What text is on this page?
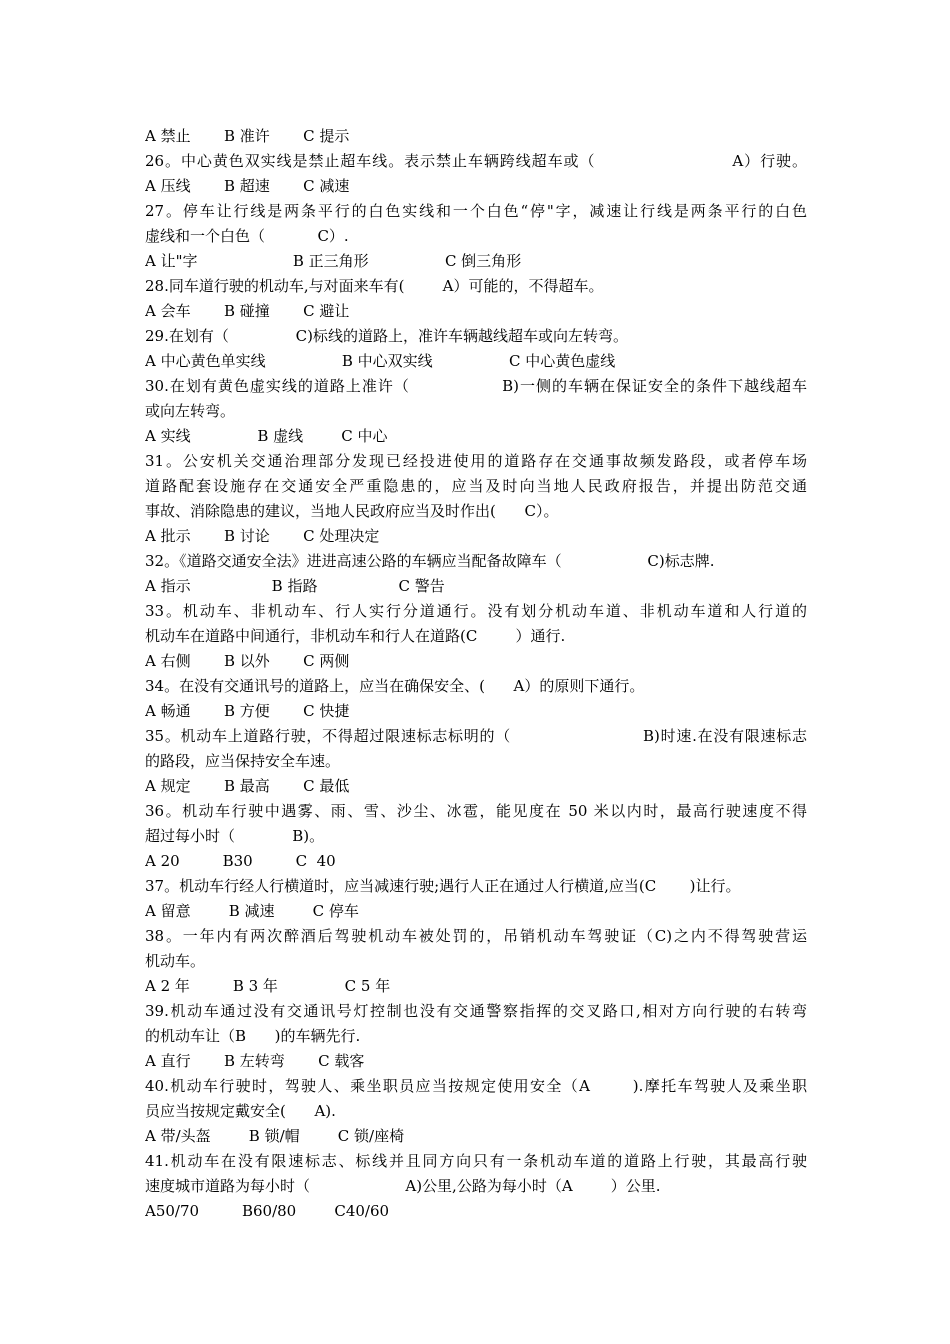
A 禁止       B 准许       C 提示
26。中心黄色双实线是禁止超车线。表示禁止车辆跨线超车或（                        A）行驶。
A 压线       B 超速       C 减速
27。停车让行线是两条平行的白色实线和一个白色“停"字，减速让行线是两条平行的白色
虚线和一个白色（           C）.
A 让"字                    B 正三角形                C 倒三角形
28.同车道行驶的机动车,与对面来车有(        A）可能的，不得超车。
A 会车       B 碰撞       C 避让
29.在划有（              C)标线的道路上，准许车辆越线超车或向左转弯。
A 中心黄色单实线                B 中心双实线                C 中心黄色虚线
30.在划有黄色虚实线的道路上准许（                B)一侧的车辆在保证安全的条件下越线超车
或向左转弯。
A 实线              B 虚线        C 中心
31。公安机关交通治理部分发现已经投进使用的道路存在交通事故频发路段，或者停车场
道路配套设施存在交通安全严重隐患的，应当及时向当地人民政府报告，并提出防范交通
事故、消除隐患的建议，当地人民政府应当及时作出(      C）。
A 批示       B 讨论       C 处理决定
32。《道路交通安全法》进进高速公路的车辆应当配备故障车（                  C)标志牌.
A 指示                 B 指路                 C 警告
33。机动车、非机动车、行人实行分道通行。没有划分机动车道、非机动车道和人行道的
机动车在道路中间通行，非机动车和行人在道路(C        ）通行.
A 右侧       B 以外       C 两侧
34。在没有交通讯号的道路上，应当在确保安全、(      A）的原则下通行。
A 畅通       B 方便       C 快捷
35。机动车上道路行驶，不得超过限速标志标明的（                        B)时速.在没有限速标志
的路段，应当保持安全车速。
A 规定       B 最高       C 最低
36。机动车行驶中遇雾、雨、雪、沙尘、冰雹，能见度在 50 米以内时，最高行驶速度不得
超过每小时（            B)。
A 20         B30         C  40
37。机动车行经人行横道时，应当减速行驶;遇行人正在通过人行横道,应当(C       )让行。
A 留意        B 减速        C 停车
38。一年内有两次醉酒后驾驶机动车被处罚的，吊销机动车驾驶证（C)之内不得驾驶营运
机动车。
A 2 年         B 3 年              C 5 年
39.机动车通过没有交通讯号灯控制也没有交通警察指挥的交叉路口,相对方向行驶的右转弯
的机动车让（B      )的车辆先行.
A 直行       B 左转弯       C 载客
40.机动车行驶时，驾驶人、乘坐职员应当按规定使用安全（A       ).摩托车驾驶人及乘坐职
员应当按规定戴安全(      A).
A 带/头盔        B 锁/帽        C 锁/座椅
41.机动车在没有限速标志、标线并且同方向只有一条机动车道的道路上行驶，其最高行驶
速度城市道路为每小时（                    A)公里,公路为每小时（A        ）公里.
A50/70         B60/80        C40/60
